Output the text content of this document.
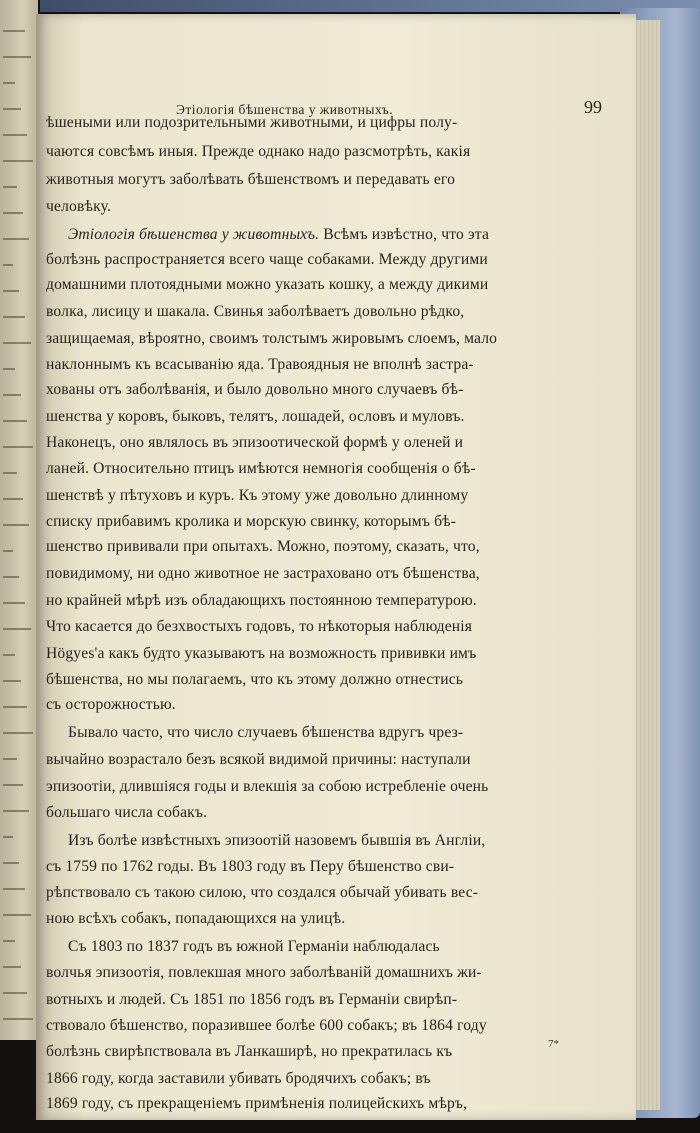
Этіологія бѣшенства у животныхъ.	99
ѣшеными или подозрительными животными, и цифры полу-
чаются совсѣмъ иныя. Прежде однако надо разсмотрѣть, какія
животныя могутъ заболѣвать бѣшенствомъ и передавать его
человѣку.
Этіологія бѣшенства у животныхъ. Всѣмъ извѣстно, что эта
болѣзнь распространяется всего чаще собаками. Между другими
домашними плотоядными можно указать кошку, а между дикими
волка, лисицу и шакала. Свинья заболѣваетъ довольно рѣдко,
защищаемая, вѣроятно, своимъ толстымъ жировымъ слоемъ, мало
наклоннымъ къ всасыванію яда. Травоядныя не вполнѣ застра-
хованы отъ заболѣванія, и было довольно много случаевъ бѣ-
шенства у коровъ, быковъ, телятъ, лошадей, ословъ и муловъ.
Наконецъ, оно являлось въ эпизоотической формѣ у оленей и
ланей. Относительно птицъ имѣются немногія сообщенія о бѣ-
шенствѣ у пѣтуховъ и куръ. Къ этому уже довольно длинному
списку прибавимъ кролика и морскую свинку, которымъ бѣ-
шенство прививали при опытахъ. Можно, поэтому, сказать, что,
повидимому, ни одно животное не застраховано отъ бѣшенства,
но крайней мѣрѣ изъ обладающихъ постоянною температурою.
Что касается до безхвостыхъ годовъ, то нѣкоторыя наблюденія
Högyes'а какъ будто указываютъ на возможность прививки имъ
бѣшенства, но мы полагаемъ, что къ этому должно отнестись
съ осторожностью.
Бывало часто, что число случаевъ бѣшенства вдругъ чрез-
вычайно возрастало безъ всякой видимой причины: наступали
эпизоотіи, длившіяся годы и влекшія за собою истребленіе очень
большаго числа собакъ.
Изъ болѣе извѣстныхъ эпизоотій назовемъ бывшія въ Англіи,
съ 1759 по 1762 годы. Въ 1803 году въ Перу бѣшенство сви-
рѣпствовало съ такою силою, что создался обычай убивать вес-
ною всѣхъ собакъ, попадающихся на улицѣ.
Съ 1803 по 1837 годъ въ южной Германіи наблюдалась
волчья эпизоотія, повлекшая много заболѣваній домашнихъ жи-
вотныхъ и людей. Съ 1851 по 1856 годъ въ Германіи свирѣп-
ствовало бѣшенство, поразившее болѣе 600 собакъ; въ 1864 году
болѣзнь свирѣпствовала въ Ланкаширѣ, но прекратилась къ
1866 году, когда заставили убивать бродячихъ собакъ; въ
1869 году, съ прекращеніемъ примѣненія полицейскихъ мѣръ,
7*
